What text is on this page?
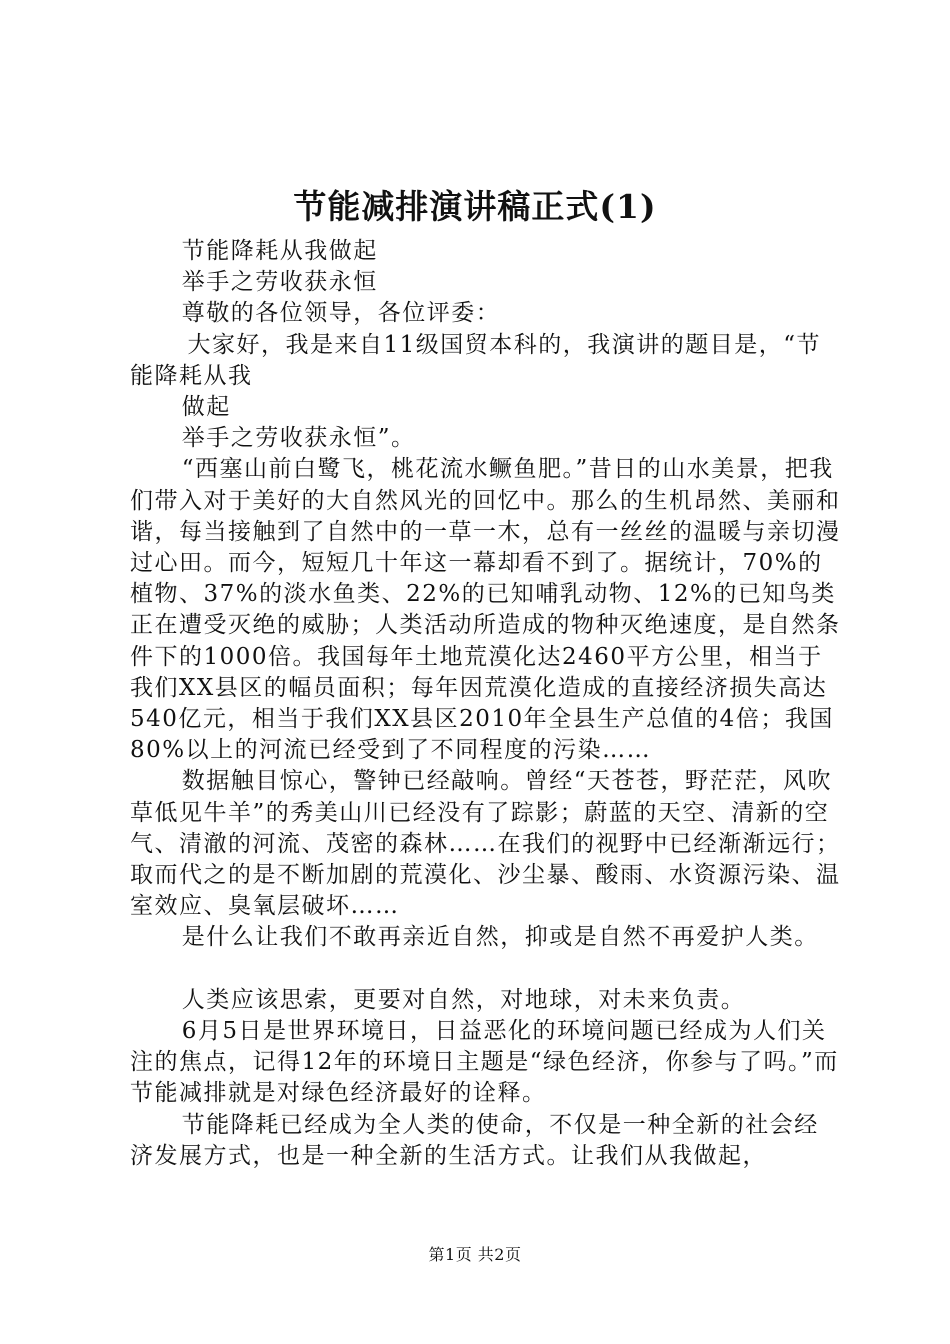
节能减排演讲稿正式(1)

节能降耗从我做起

举手之劳收获永恒

尊敬的各位领导，各位评委：

大家好，我是来自11级国贸本科的，我演讲的题目是，“节能降耗从我

做起

举手之劳收获永恒”。

“西塞山前白鹭飞，桃花流水鳜鱼肥。”昔日的山水美景，把我们带入对于美好的大自然风光的回忆中。那么的生机昂然、美丽和谐，每当接触到了自然中的一草一木，总有一丝丝的温暖与亲切漫过心田。而今，短短几十年这一幕却看不到了。据统计，70%的植物、37%的淡水鱼类、22%的已知哺乳动物、12%的已知鸟类正在遭受灭绝的威胁；人类活动所造成的物种灭绝速度，是自然条件下的1000倍。我国每年土地荒漠化达2460平方公里，相当于我们XX县区的幅员面积；每年因荒漠化造成的直接经济损失高达540亿元，相当于我们XX县区2010年全县生产总值的4倍；我国80%以上的河流已经受到了不同程度的污染……

数据触目惊心，警钟已经敲响。曾经“天苍苍，野茫茫，风吹草低见牛羊”的秀美山川已经没有了踪影；蔚蓝的天空、清新的空气、清澈的河流、茂密的森林……在我们的视野中已经渐渐远行；取而代之的是不断加剧的荒漠化、沙尘暴、酸雨、水资源污染、温室效应、臭氧层破坏……

是什么让我们不敢再亲近自然，抑或是自然不再爱护人类。

人类应该思索，更要对自然，对地球，对未来负责。

6月5日是世界环境日，日益恶化的环境问题已经成为人们关注的焦点，记得12年的环境日主题是“绿色经济，你参与了吗。”而节能减排就是对绿色经济最好的诠释。

节能降耗已经成为全人类的使命，不仅是一种全新的社会经济发展方式，也是一种全新的生活方式。让我们从我做起，

第1页 共2页
